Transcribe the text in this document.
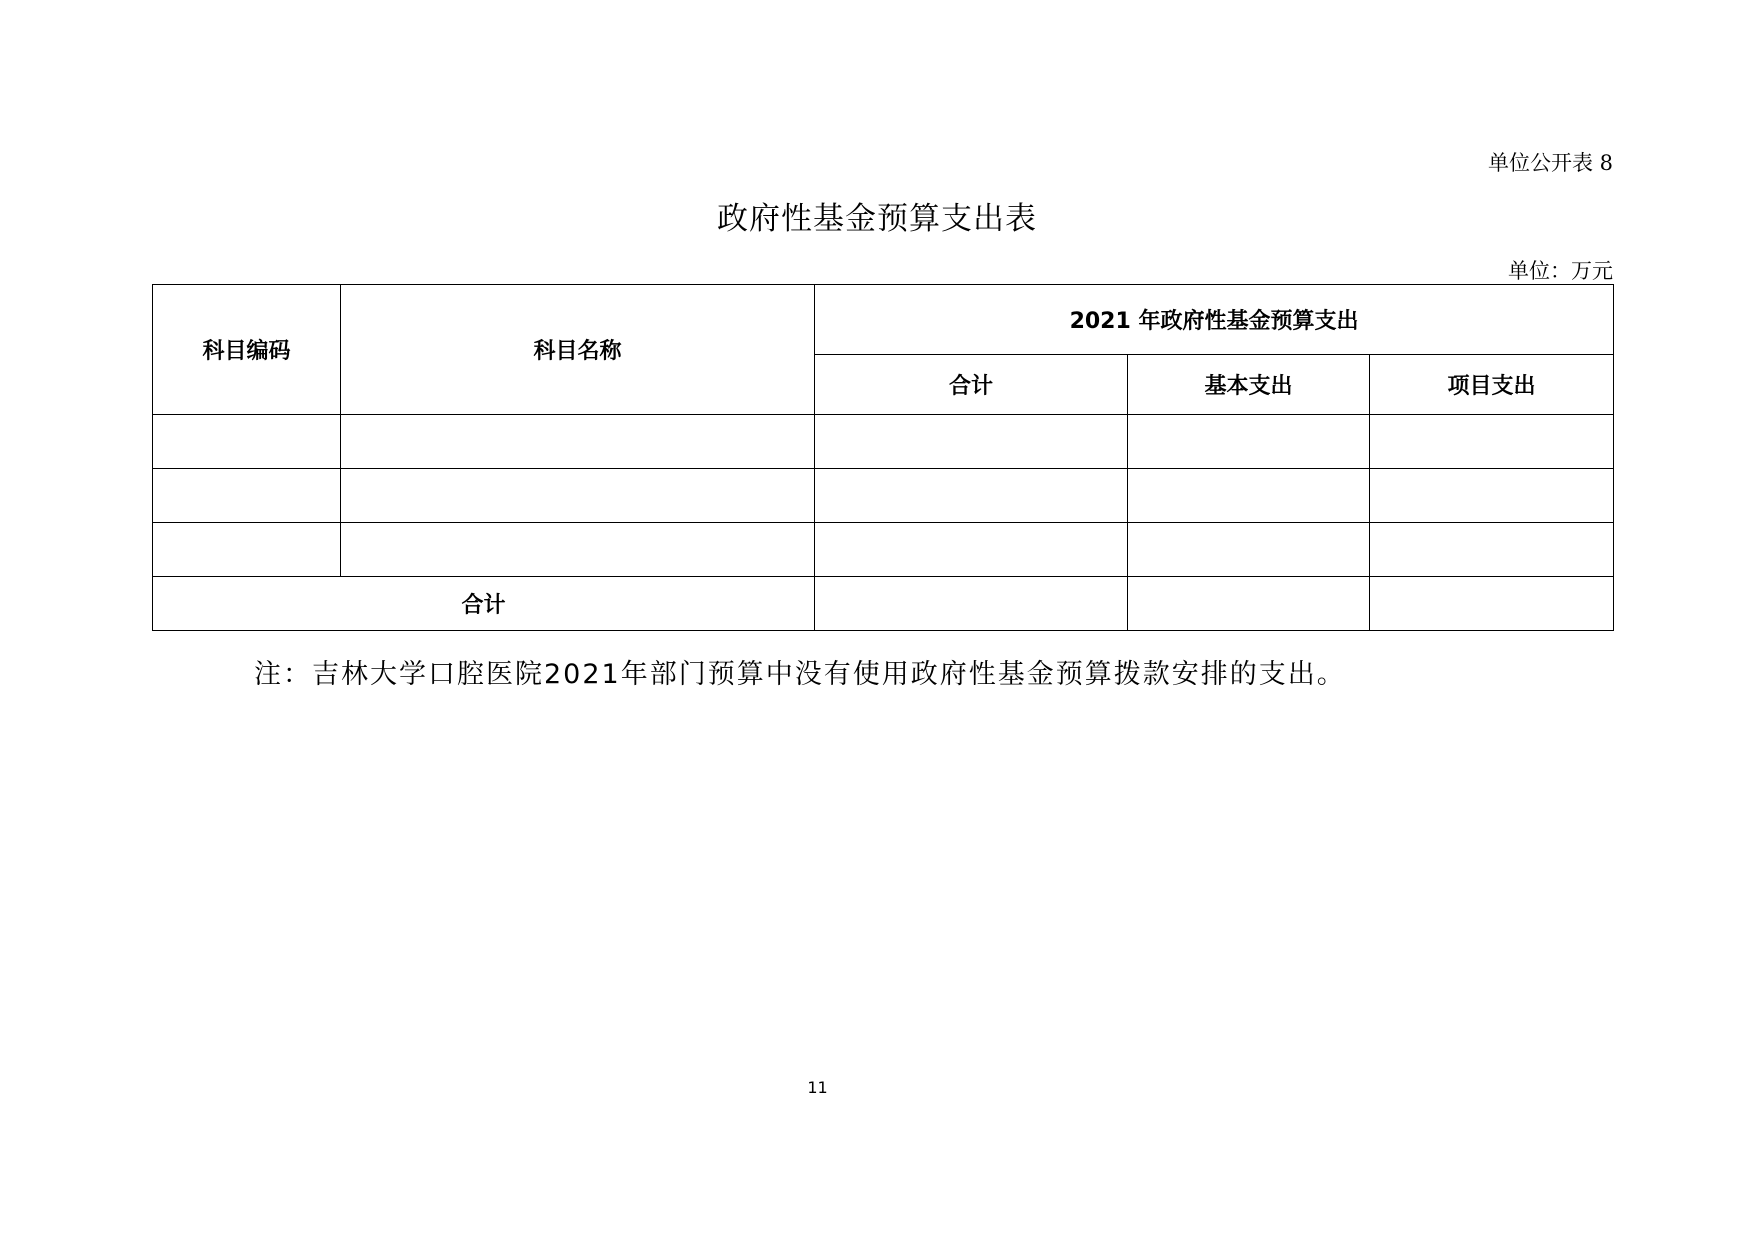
单位公开表 8
政府性基金预算支出表
单位：万元
科目编码	科目名称	2021 年政府性基金预算支出		
		合计	基本支出	项目支出

合计				
注：吉林大学口腔医院2021年部门预算中没有使用政府性基金预算拨款安排的支出。
11
